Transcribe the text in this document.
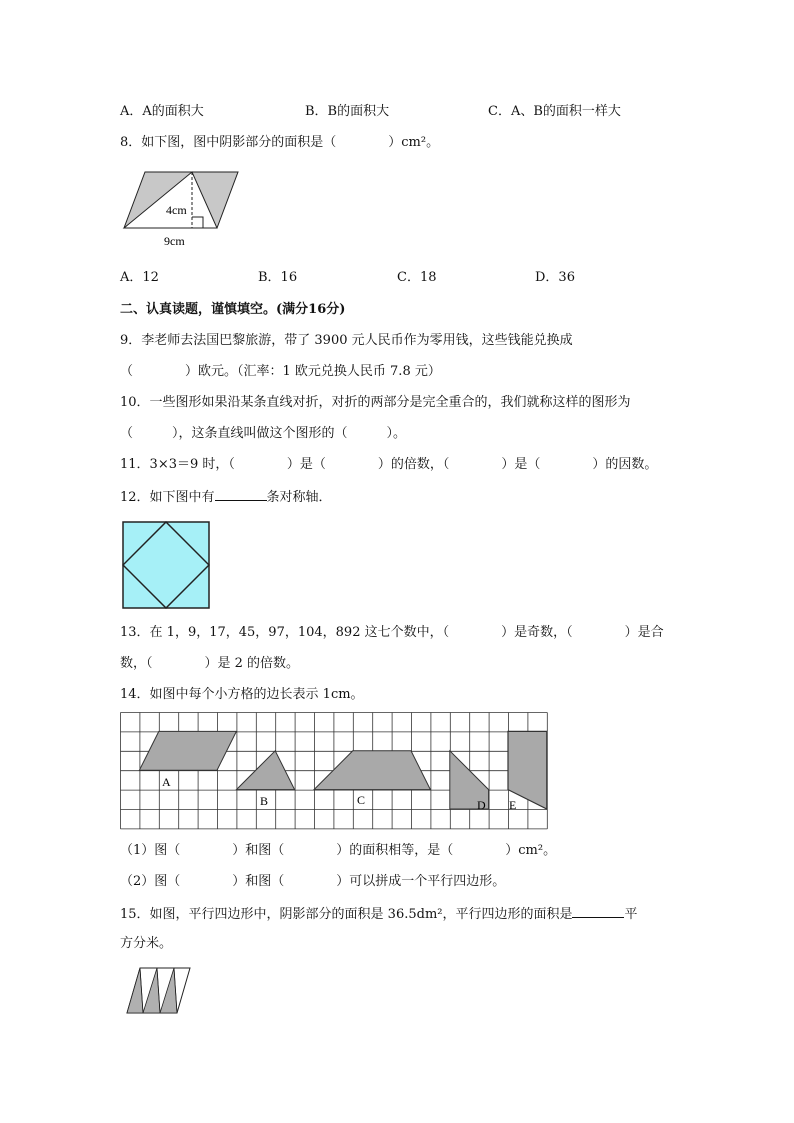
A．A的面积大	B．B的面积大	C．A、B的面积一样大
8．如下图，图中阴影部分的面积是（　　　　）cm²。
4cm
9cm
A．12	B．16	C．18	D．36
二、认真读题，谨慎填空。(满分16分)
9．李老师去法国巴黎旅游，带了 3900 元人民币作为零用钱，这些钱能兑换成
（　　　　）欧元。（汇率：1 欧元兑换人民币 7.8 元）
10．一些图形如果沿某条直线对折，对折的两部分是完全重合的，我们就称这样的图形为
（　　　），这条直线叫做这个图形的（　　　）。
11．3×3＝9 时，（　　　　）是（　　　　）的倍数，（　　　　）是（　　　　）的因数。
12．如下图中有	条对称轴．
13．在 1，9，17，45，97，104，892 这七个数中，（　　　　）是奇数，（　　　　）是合
数，（　　　　）是 2 的倍数。
14．如图中每个小方格的边长表示 1cm。
A
B	C	D E
（1）图（　　　　）和图（　　　　）的面积相等，是（　　　　）cm²。
（2）图（　　　　）和图（　　　　）可以拼成一个平行四边形。
15．如图，平行四边形中，阴影部分的面积是 36.5dm²，平行四边形的面积是	平
方分米。
